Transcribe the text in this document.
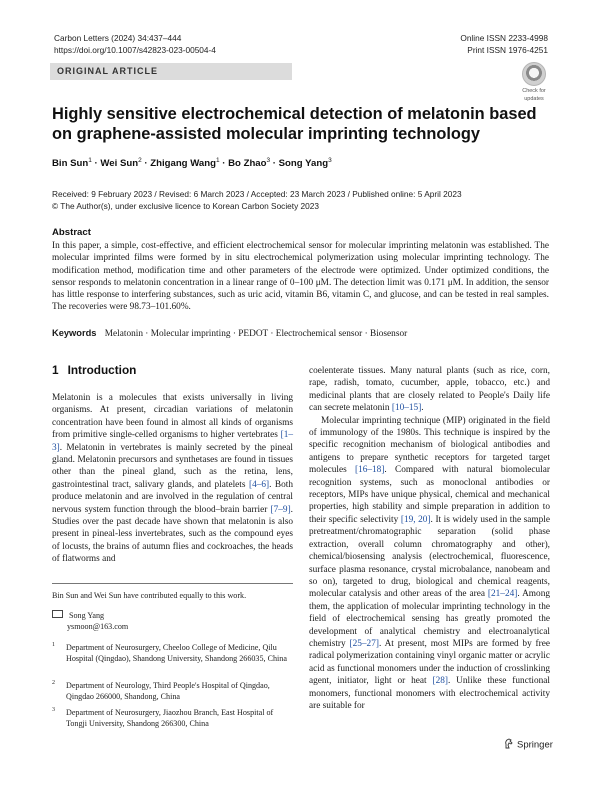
Carbon Letters (2024) 34:437–444
https://doi.org/10.1007/s42823-023-00504-4
Online ISSN 2233-4998
Print ISSN 1976-4251
ORIGINAL ARTICLE
Check for
updates
Highly sensitive electrochemical detection of melatonin based
on graphene-assisted molecular imprinting technology
Bin Sun$^1$ · Wei Sun$^2$ · Zhigang Wang$^1$ · Bo Zhao$^3$ · Song Yang$^3$
Received: 9 February 2023 / Revised: 6 March 2023 / Accepted: 23 March 2023 / Published online: 5 April 2023
© The Author(s), under exclusive licence to Korean Carbon Society 2023
Abstract
In this paper, a simple, cost-effective, and efficient electrochemical sensor for molecular imprinting melatonin was established. The molecular imprinted films were formed by in situ electrochemical polymerization using molecular imprinting technology. The modification method, modification time and other parameters of the electrode were optimized. Under optimized conditions, the sensor responds to melatonin concentration in a linear range of 0–100 μM. The detection limit was 0.171 μM. In addition, the sensor has little response to interfering substances, such as uric acid, vitamin B6, vitamin C, and glucose, and can be tested in real samples. The recoveries were 98.73–101.60%.
Keywords Melatonin · Molecular imprinting · PEDOT · Electrochemical sensor · Biosensor
1 Introduction

Melatonin is a molecules that exists universally in living organisms. At present, circadian variations of melatonin concentration have been found in almost all kinds of organisms from primitive single-celled organisms to higher vertebrates [1–3]. Melatonin in vertebrates is mainly secreted by the pineal gland. Melatonin precursors and synthetases are found in tissues other than the pineal gland, such as the retina, lens, gastrointestinal tract, salivary glands, and platelets [4–6]. Both produce melatonin and are involved in the regulation of central nervous system function through the blood–brain barrier [7–9]. Studies over the past decade have shown that melatonin is also present in pineal-less invertebrates, such as the compound eyes of locusts, the brains of autumn flies and cockroaches, the heads of flatworms and

coelenterate tissues. Many natural plants (such as rice, corn, rape, radish, tomato, cucumber, apple, tobacco, etc.) and medicinal plants that are closely related to People's Daily life can secrete melatonin [10–15].

Molecular imprinting technique (MIP) originated in the field of immunology of the 1980s. This technique is inspired by the specific recognition mechanism of biological antibodies and antigens to prepare synthetic receptors for targeted target molecules [16–18]. Compared with natural biomolecular recognition systems, such as monoclonal antibodies or receptors, MIPs have unique physical, chemical and mechanical properties, high stability and simple preparation in addition to their specific selectivity [19, 20]. It is widely used in the sample pretreatment/chromatographic separation (solid phase extraction, overall column chromatography and other), chemical/biosensing analysis (electrochemical, fluorescence, surface plasma resonance, crystal microbalance, nanobeam and so on), targeted to drug, biological and chemical reagents, molecular catalysis and other areas of the area [21–24]. Among them, the application of molecular imprinting technology in the field of electrochemical sensing has greatly promoted the development of analytical chemistry and electroanalytical chemistry [25–27]. At present, most MIPs are formed by free radical polymerization containing vinyl organic matter or acrylic acid as functional monomers under the induction of crosslinking agent, initiator, light or heat [28]. Unlike these functional monomers, functional monomers with electrochemical activity are suitable for

Bin Sun and Wei Sun have contributed equally to this work.
Song Yang
ysmoon@163.com
1 Department of Neurosurgery, Cheeloo College of Medicine, Qilu Hospital (Qingdao), Shandong University, Shandong 266035, China
2 Department of Neurology, Third People's Hospital of Qingdao, Qingdao 266000, Shandong, China
3 Department of Neurosurgery, Jiaozhou Branch, East Hospital of Tongji University, Shandong 266300, China
Springer
